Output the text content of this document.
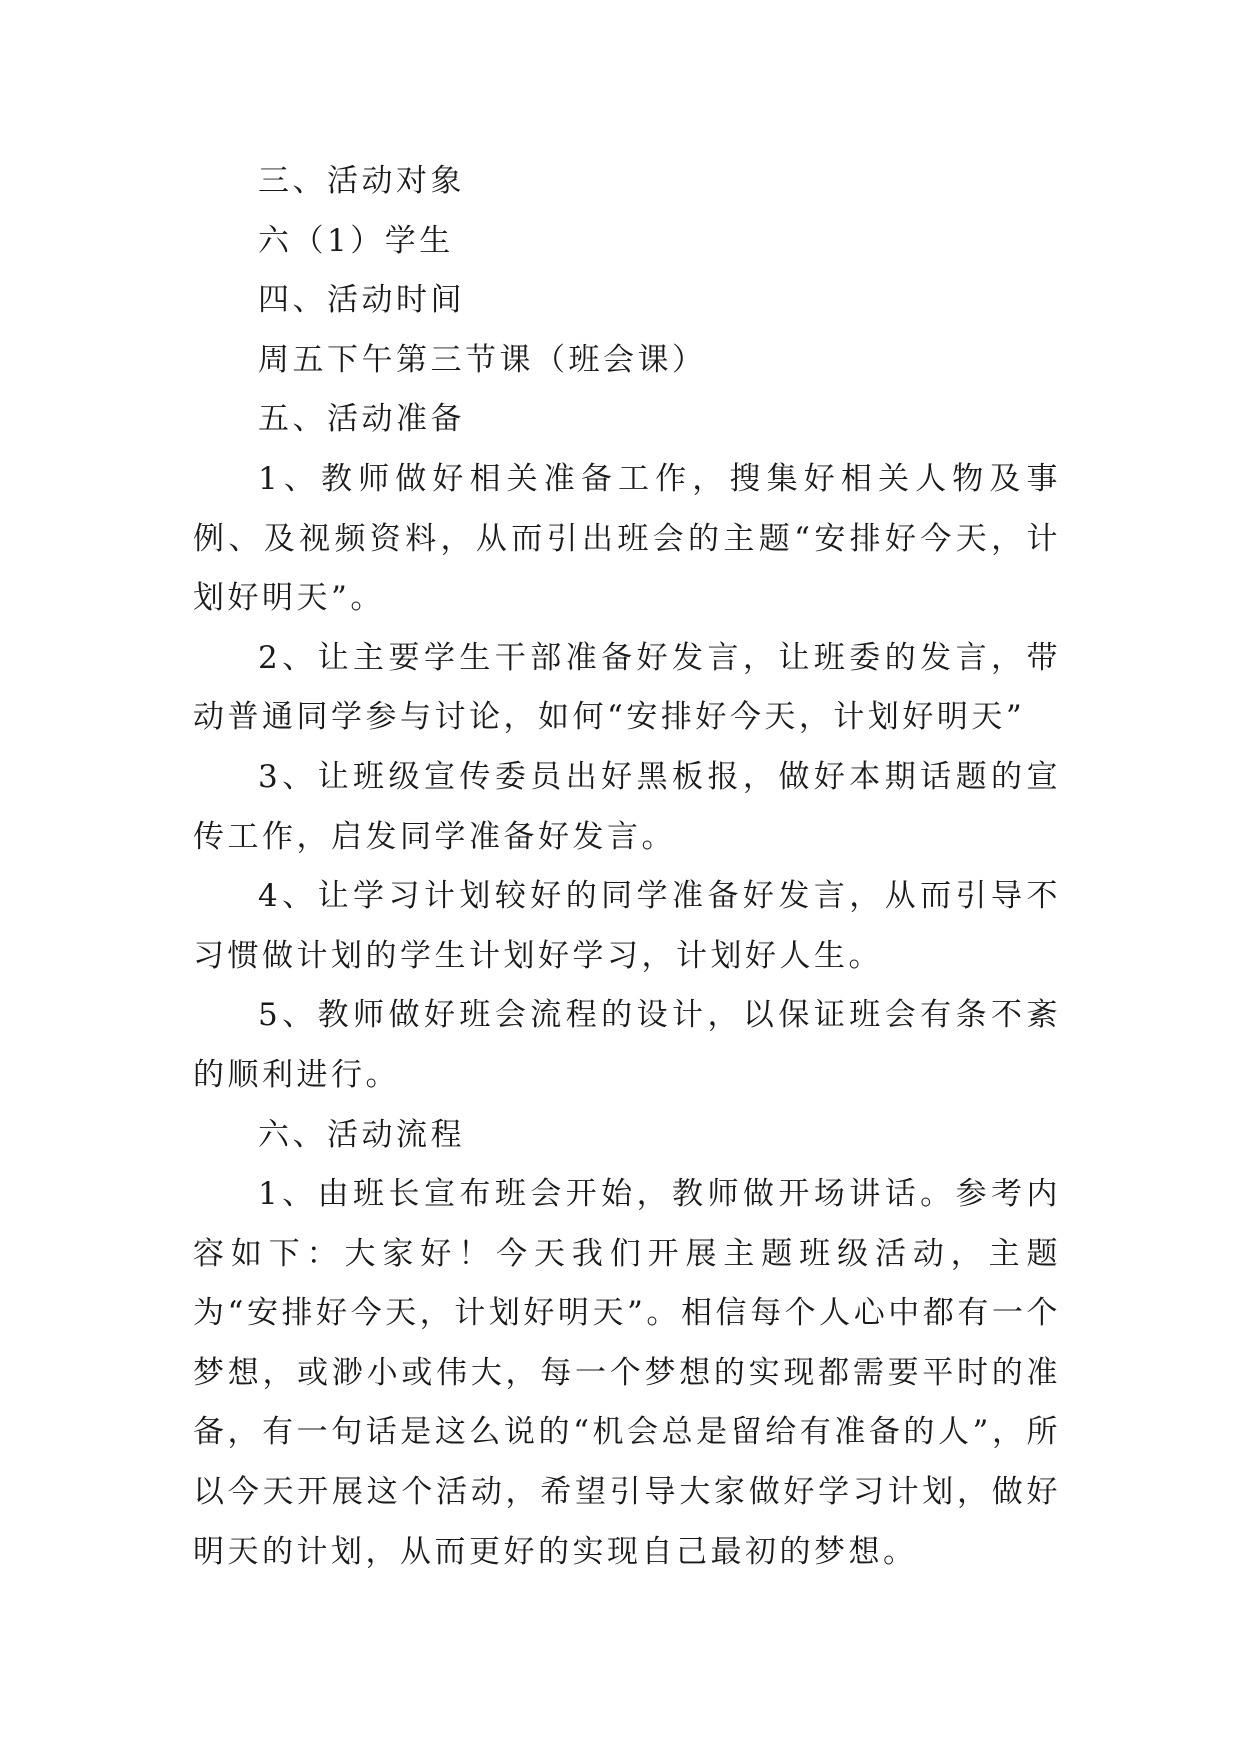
三、活动对象

六（1）学生

四、活动时间

周五下午第三节课（班会课）

五、活动准备

1、教师做好相关准备工作，搜集好相关人物及事例、及视频资料，从而引出班会的主题“安排好今天，计划好明天”。

2、让主要学生干部准备好发言，让班委的发言，带动普通同学参与讨论，如何“安排好今天，计划好明天”

3、让班级宣传委员出好黑板报，做好本期话题的宣传工作，启发同学准备好发言。

4、让学习计划较好的同学准备好发言，从而引导不习惯做计划的学生计划好学习，计划好人生。

5、教师做好班会流程的设计，以保证班会有条不紊的顺利进行。

六、活动流程

1、由班长宣布班会开始，教师做开场讲话。参考内容如下：大家好！今天我们开展主题班级活动，主题为“安排好今天，计划好明天”。相信每个人心中都有一个梦想，或渺小或伟大，每一个梦想的实现都需要平时的准备，有一句话是这么说的“机会总是留给有准备的人”，所以今天开展这个活动，希望引导大家做好学习计划，做好明天的计划，从而更好的实现自己最初的梦想。
